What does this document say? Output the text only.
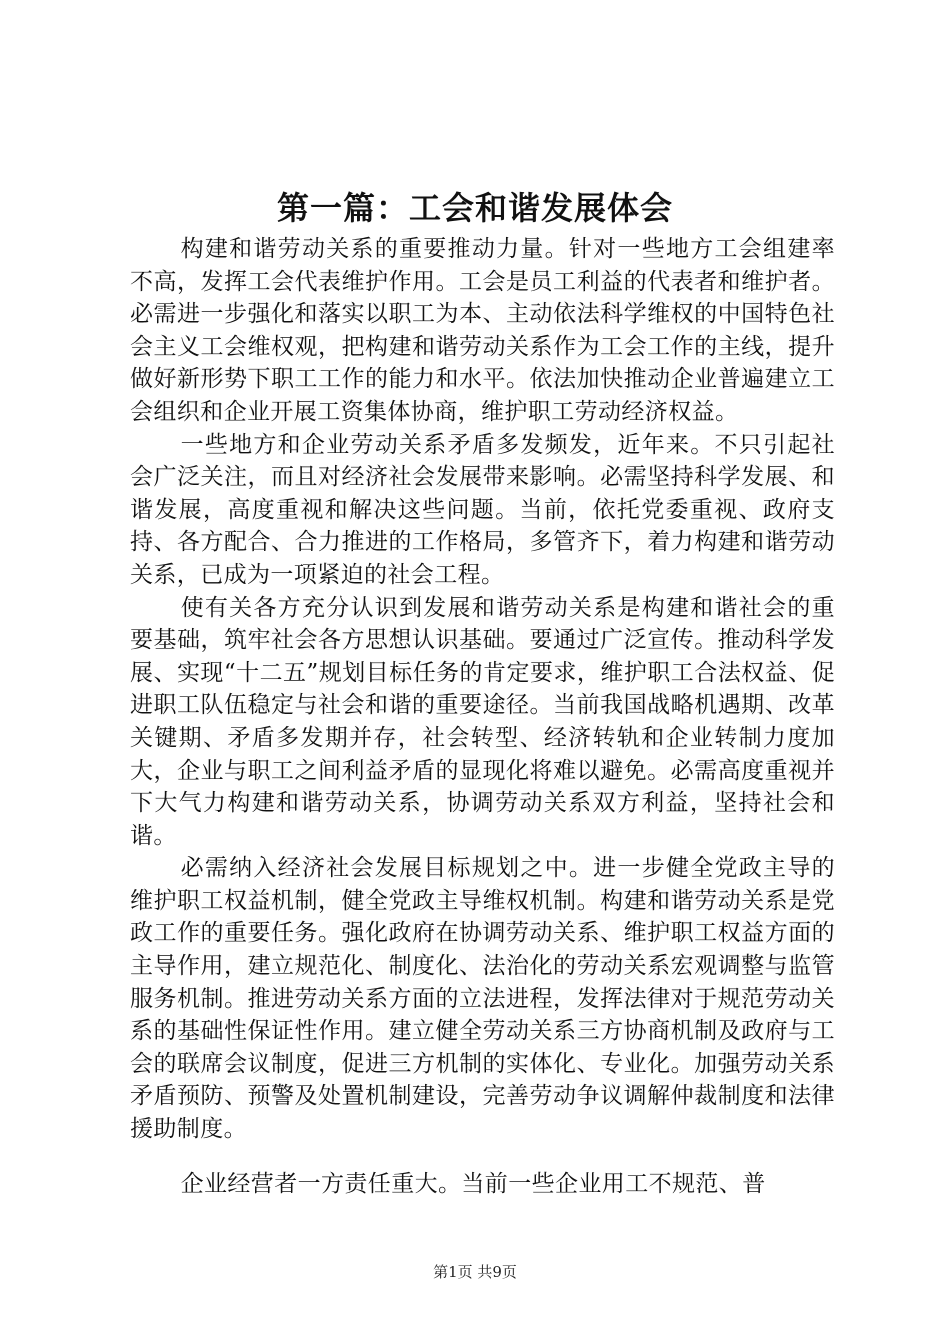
第一篇：工会和谐发展体会

构建和谐劳动关系的重要推动力量。针对一些地方工会组建率不高，发挥工会代表维护作用。工会是员工利益的代表者和维护者。必需进一步强化和落实以职工为本、主动依法科学维权的中国特色社会主义工会维权观，把构建和谐劳动关系作为工会工作的主线，提升做好新形势下职工工作的能力和水平。依法加快推动企业普遍建立工会组织和企业开展工资集体协商，维护职工劳动经济权益。

一些地方和企业劳动关系矛盾多发频发，近年来。不只引起社会广泛关注，而且对经济社会发展带来影响。必需坚持科学发展、和谐发展，高度重视和解决这些问题。当前，依托党委重视、政府支持、各方配合、合力推进的工作格局，多管齐下，着力构建和谐劳动关系，已成为一项紧迫的社会工程。

使有关各方充分认识到发展和谐劳动关系是构建和谐社会的重要基础，筑牢社会各方思想认识基础。要通过广泛宣传。推动科学发展、实现“十二五”规划目标任务的肯定要求，维护职工合法权益、促进职工队伍稳定与社会和谐的重要途径。当前我国战略机遇期、改革关键期、矛盾多发期并存，社会转型、经济转轨和企业转制力度加大，企业与职工之间利益矛盾的显现化将难以避免。必需高度重视并下大气力构建和谐劳动关系，协调劳动关系双方利益，坚持社会和谐。

必需纳入经济社会发展目标规划之中。进一步健全党政主导的维护职工权益机制，健全党政主导维权机制。构建和谐劳动关系是党政工作的重要任务。强化政府在协调劳动关系、维护职工权益方面的主导作用，建立规范化、制度化、法治化的劳动关系宏观调整与监管服务机制。推进劳动关系方面的立法进程，发挥法律对于规范劳动关系的基础性保证性作用。建立健全劳动关系三方协商机制及政府与工会的联席会议制度，促进三方机制的实体化、专业化。加强劳动关系矛盾预防、预警及处置机制建设，完善劳动争议调解仲裁制度和法律援助制度。

企业经营者一方责任重大。当前一些企业用工不规范、普

第1页 共9页
